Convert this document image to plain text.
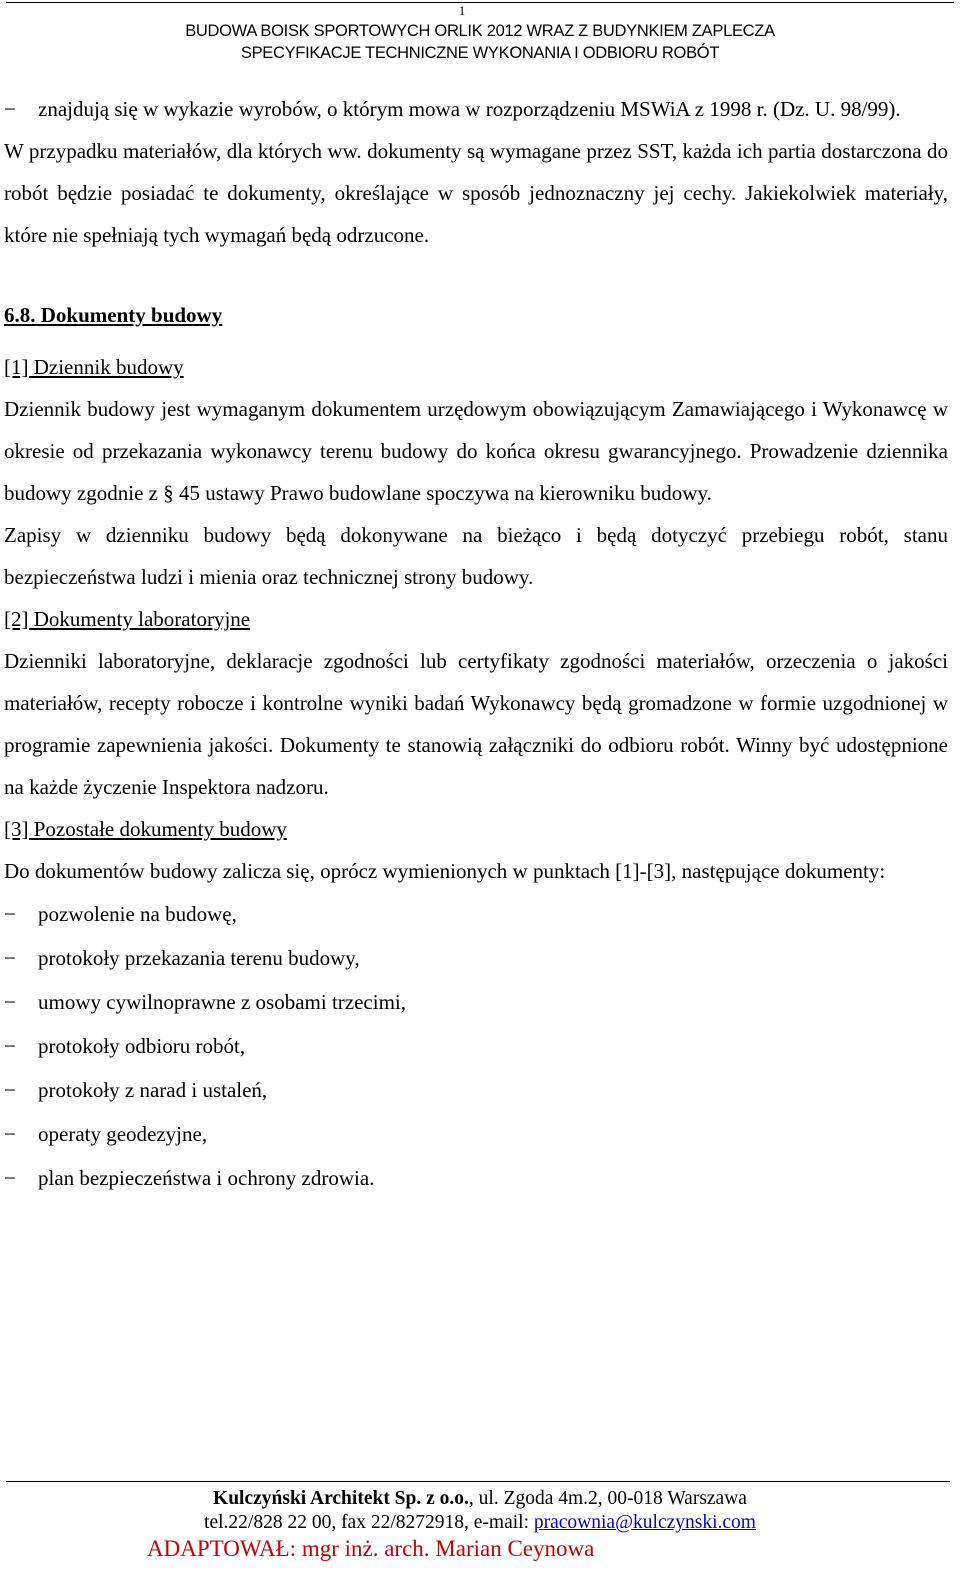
1
BUDOWA BOISK SPORTOWYCH ORLIK 2012 WRAZ Z BUDYNKIEM ZAPLECZA
SPECYFIKACJE TECHNICZNE WYKONANIA I ODBIORU ROBÓT

− znajdują się w wykazie wyrobów, o którym mowa w rozporządzeniu MSWiA z 1998 r. (Dz. U. 98/99).

W przypadku materiałów, dla których ww. dokumenty są wymagane przez SST, każda ich partia dostarczona do robót będzie posiadać te dokumenty, określające w sposób jednoznaczny jej cechy. Jakiekolwiek materiały, które nie spełniają tych wymagań będą odrzucone.

6.8. Dokumenty budowy

[1] Dziennik budowy

Dziennik budowy jest wymaganym dokumentem urzędowym obowiązującym Zamawiającego i Wykonawcę w okresie od przekazania wykonawcy terenu budowy do końca okresu gwarancyjnego. Prowadzenie dziennika budowy zgodnie z § 45 ustawy Prawo budowlane spoczywa na kierowniku budowy.

Zapisy w dzienniku budowy będą dokonywane na bieżąco i będą dotyczyć przebiegu robót, stanu bezpieczeństwa ludzi i mienia oraz technicznej strony budowy.

[2] Dokumenty laboratoryjne

Dzienniki laboratoryjne, deklaracje zgodności lub certyfikaty zgodności materiałów, orzeczenia o jakości materiałów, recepty robocze i kontrolne wyniki badań Wykonawcy będą gromadzone w formie uzgodnionej w programie zapewnienia jakości. Dokumenty te stanowią załączniki do odbioru robót. Winny być udostępnione na każde życzenie Inspektora nadzoru.

[3] Pozostałe dokumenty budowy

Do dokumentów budowy zalicza się, oprócz wymienionych w punktach [1]-[3], następujące dokumenty:

− pozwolenie na budowę,
− protokoły przekazania terenu budowy,
− umowy cywilnoprawne z osobami trzecimi,
− protokoły odbioru robót,
− protokoły z narad i ustaleń,
− operaty geodezyjne,
− plan bezpieczeństwa i ochrony zdrowia.
Kulczyński Architekt Sp. z o.o., ul. Zgoda 4m.2, 00-018 Warszawa
tel.22/828 22 00, fax 22/8272918, e-mail: pracownia@kulczynski.com
ADAPTOWAŁ: mgr inż. arch. Marian Ceynowa
